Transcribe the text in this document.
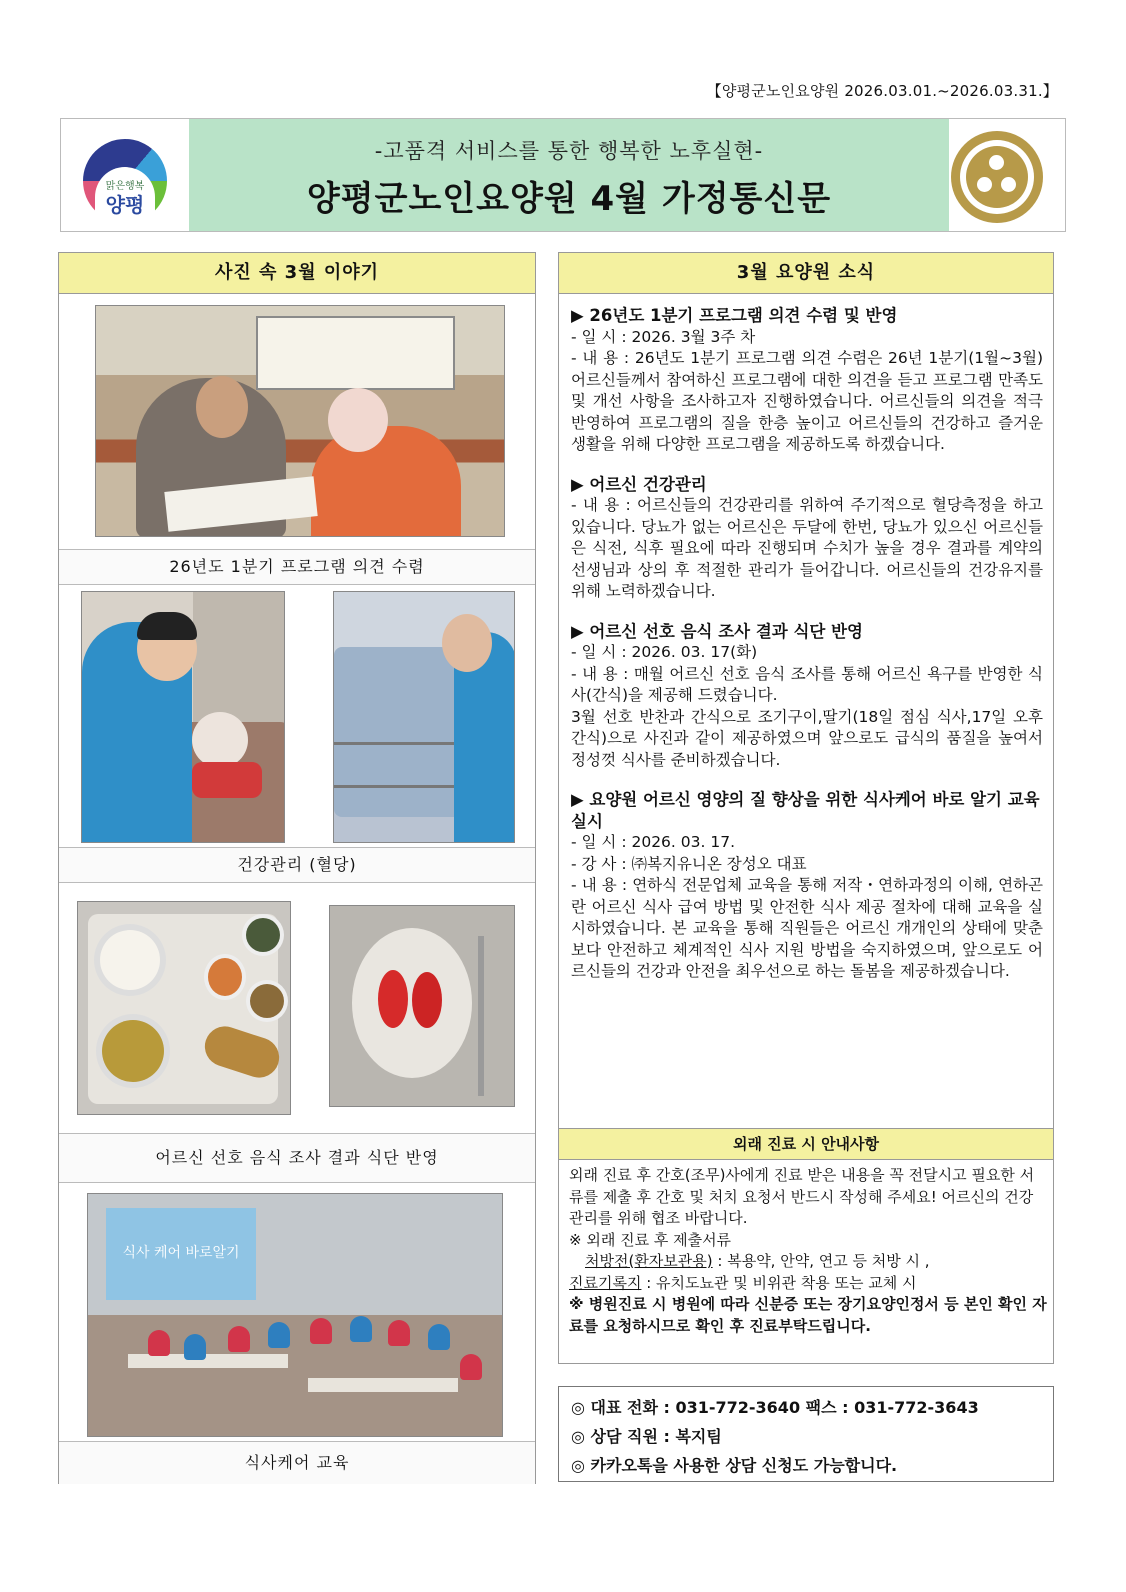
【양평군노인요양원 2026.03.01.~2026.03.31.】
맑은행복
양평
-고품격 서비스를 통한 행복한 노후실현-
양평군노인요양원 4월 가정통신문
사진 속 3월 이야기
26년도 1분기 프로그램 의견 수렴
건강관리 (혈당)
어르신 선호 음식 조사 결과 식단 반영
식사 케어 바로알기
식사케어 교육
3월 요양원 소식
▶ 26년도 1분기 프로그램 의견 수렴 및 반영

- 일 시 : 2026. 3월 3주 차

- 내 용 : 26년도 1분기 프로그램 의견 수렴은 26년 1분기(1월~3월) 어르신들께서 참여하신 프로그램에 대한 의견을 듣고 프로그램 만족도 및 개선 사항을 조사하고자 진행하였습니다. 어르신들의 의견을 적극 반영하여 프로그램의 질을 한층 높이고 어르신들의 건강하고 즐거운 생활을 위해 다양한 프로그램을 제공하도록 하겠습니다.

▶ 어르신 건강관리

- 내 용 : 어르신들의 건강관리를 위하여 주기적으로 혈당측정을 하고 있습니다. 당뇨가 없는 어르신은 두달에 한번, 당뇨가 있으신 어르신들은 식전, 식후 필요에 따라 진행되며 수치가 높을 경우 결과를 계약의선생님과 상의 후 적절한 관리가 들어갑니다. 어르신들의 건강유지를 위해 노력하겠습니다.

▶ 어르신 선호 음식 조사 결과 식단 반영

- 일 시 : 2026. 03. 17(화)

- 내 용 : 매월 어르신 선호 음식 조사를 통해 어르신 욕구를 반영한 식사(간식)을 제공해 드렸습니다.

3월 선호 반찬과 간식으로 조기구이,딸기(18일 점심 식사,17일 오후 간식)으로 사진과 같이 제공하였으며 앞으로도 급식의 품질을 높여서 정성껏 식사를 준비하겠습니다.

▶ 요양원 어르신 영양의 질 향상을 위한 식사케어 바로 알기 교육 실시

- 일 시 : 2026. 03. 17.

- 강 사 : ㈜복지유니온 장성오 대표

- 내 용 : 연하식 전문업체 교육을 통해 저작・연하과정의 이해, 연하곤란 어르신 식사 급여 방법 및 안전한 식사 제공 절차에 대해 교육을 실시하였습니다. 본 교육을 통해 직원들은 어르신 개개인의 상태에 맞춘 보다 안전하고 체계적인 식사 지원 방법을 숙지하였으며, 앞으로도 어르신들의 건강과 안전을 최우선으로 하는 돌봄을 제공하겠습니다.

외래 진료 시 안내사항

외래 진료 후 간호(조무)사에게 진료 받은 내용을 꼭 전달시고 필요한 서류를 제출 후 간호 및 처치 요청서 반드시 작성해 주세요! 어르신의 건강관리를 위해 협조 바랍니다.

※ 외래 진료 후 제출서류

처방전(환자보관용) : 복용약, 안약, 연고 등 처방 시 ,

진료기록지 : 유치도뇨관 및 비위관 착용 또는 교체 시

※ 병원진료 시 병원에 따라 신분증 또는 장기요양인정서 등 본인 확인 자료를 요청하시므로 확인 후 진료부탁드립니다.

◎ 대표 전화 : 031-772-3640 팩스 : 031-772-3643
◎ 상담 직원 : 복지팀
◎ 카카오톡을 사용한 상담 신청도 가능합니다.
